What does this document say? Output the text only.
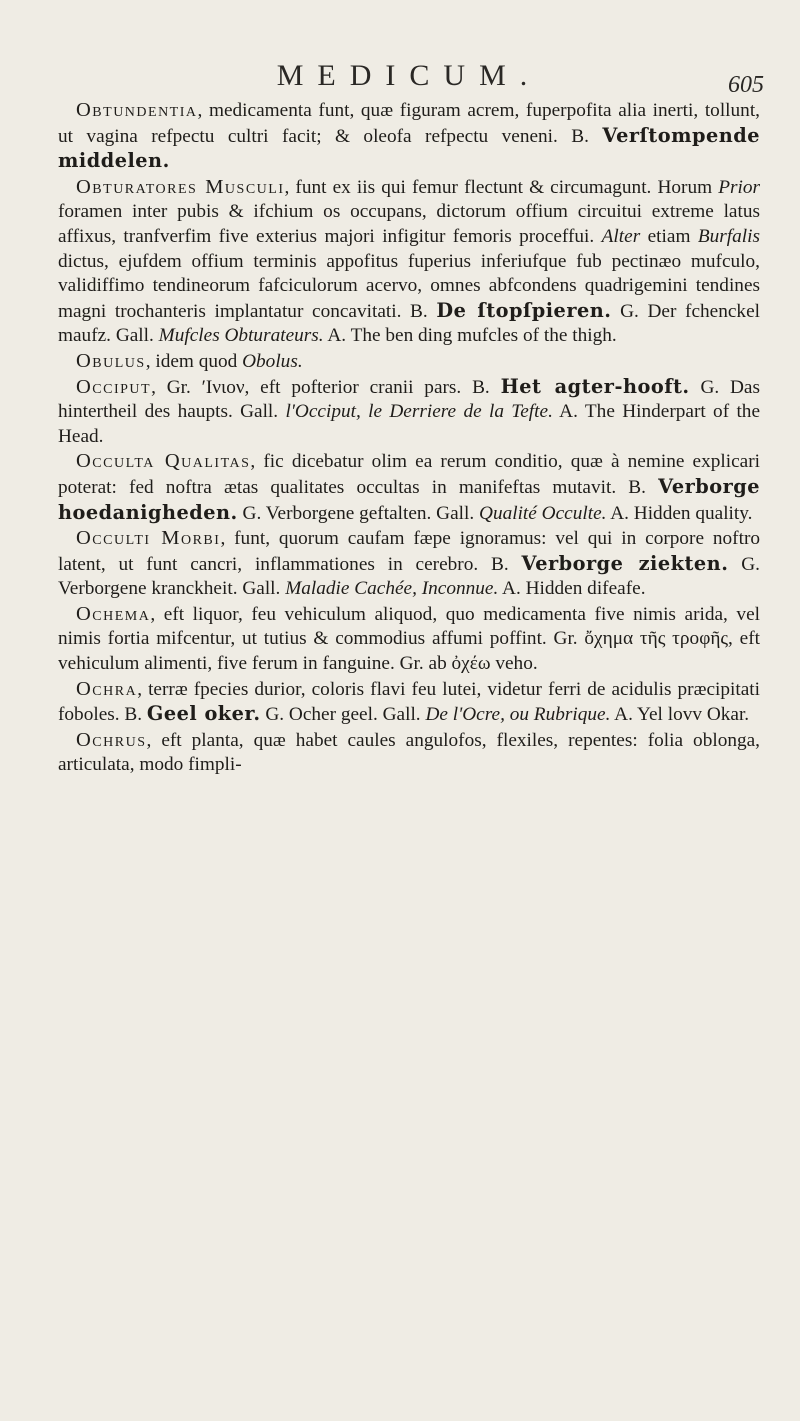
MEDICUM.	605

Obtundentia, medicamenta funt, quæ figuram acrem, fuperpofita alia inerti, tollunt, ut vagina refpectu cultri facit; & oleofa refpectu veneni. B. Verſtompende middelen.

Obturatores Musculi, funt ex iis qui femur flectunt & circumagunt. Horum Prior foramen inter pubis & ifchium os occupans, dictorum offium circuitui extreme latus affixus, tranfverfim five exterius majori infigitur femoris proceffui. Alter etiam Burfalis dictus, ejufdem offium terminis appofitus fuperius inferiufque fub pectinæo mufculo, validiffimo tendineorum fafciculorum acervo, omnes abfcondens quadrigemini tendines magni trochanteris implantatur concavitati. B. De ſtopſpieren. G. Der fchenckel maufz. Gall. Mufcles Obturateurs. A. The ben ding mufcles of the thigh.

Obulus, idem quod Obolus.

Occiput, Gr. ʹΙνιον, eft pofterior cranii pars. B. Het agter-hooft. G. Das hintertheil des haupts. Gall. l'Occiput, le Derriere de la Tefte. A. The Hinderpart of the Head.

Occulta Qualitas, fic dicebatur olim ea rerum conditio, quæ à nemine explicari poterat: fed noftra ætas qualitates occultas in manifeftas mutavit. B. Verborge hoedanigheden. G. Verborgene geftalten. Gall. Qualité Occulte. A. Hidden quality.

Occulti Morbi, funt, quorum caufam fæpe ignoramus: vel qui in corpore noftro latent, ut funt cancri, inflammationes in cerebro. B. Verborge ziekten. G. Verborgene kranckheit. Gall. Maladie Cachée, Inconnue. A. Hidden difeafe.

Ochema, eft liquor, feu vehiculum aliquod, quo medicamenta five nimis arida, vel nimis fortia mifcentur, ut tutius & commodius affumi poffint. Gr. ὄχημα τῆς τροφῆς, eft vehiculum alimenti, five ferum in fanguine. Gr. ab ὀχέω veho.

Ochra, terræ fpecies durior, coloris flavi feu lutei, videtur ferri de acidulis præcipitati foboles. B. Geel oker. G. Ocher geel. Gall. De l'Ocre, ou Rubrique. A. Yel lovv Okar.

Ochrus, eft planta, quæ habet caules angulofos, flexiles, repentes: folia oblonga, articulata, modo fimpli-
